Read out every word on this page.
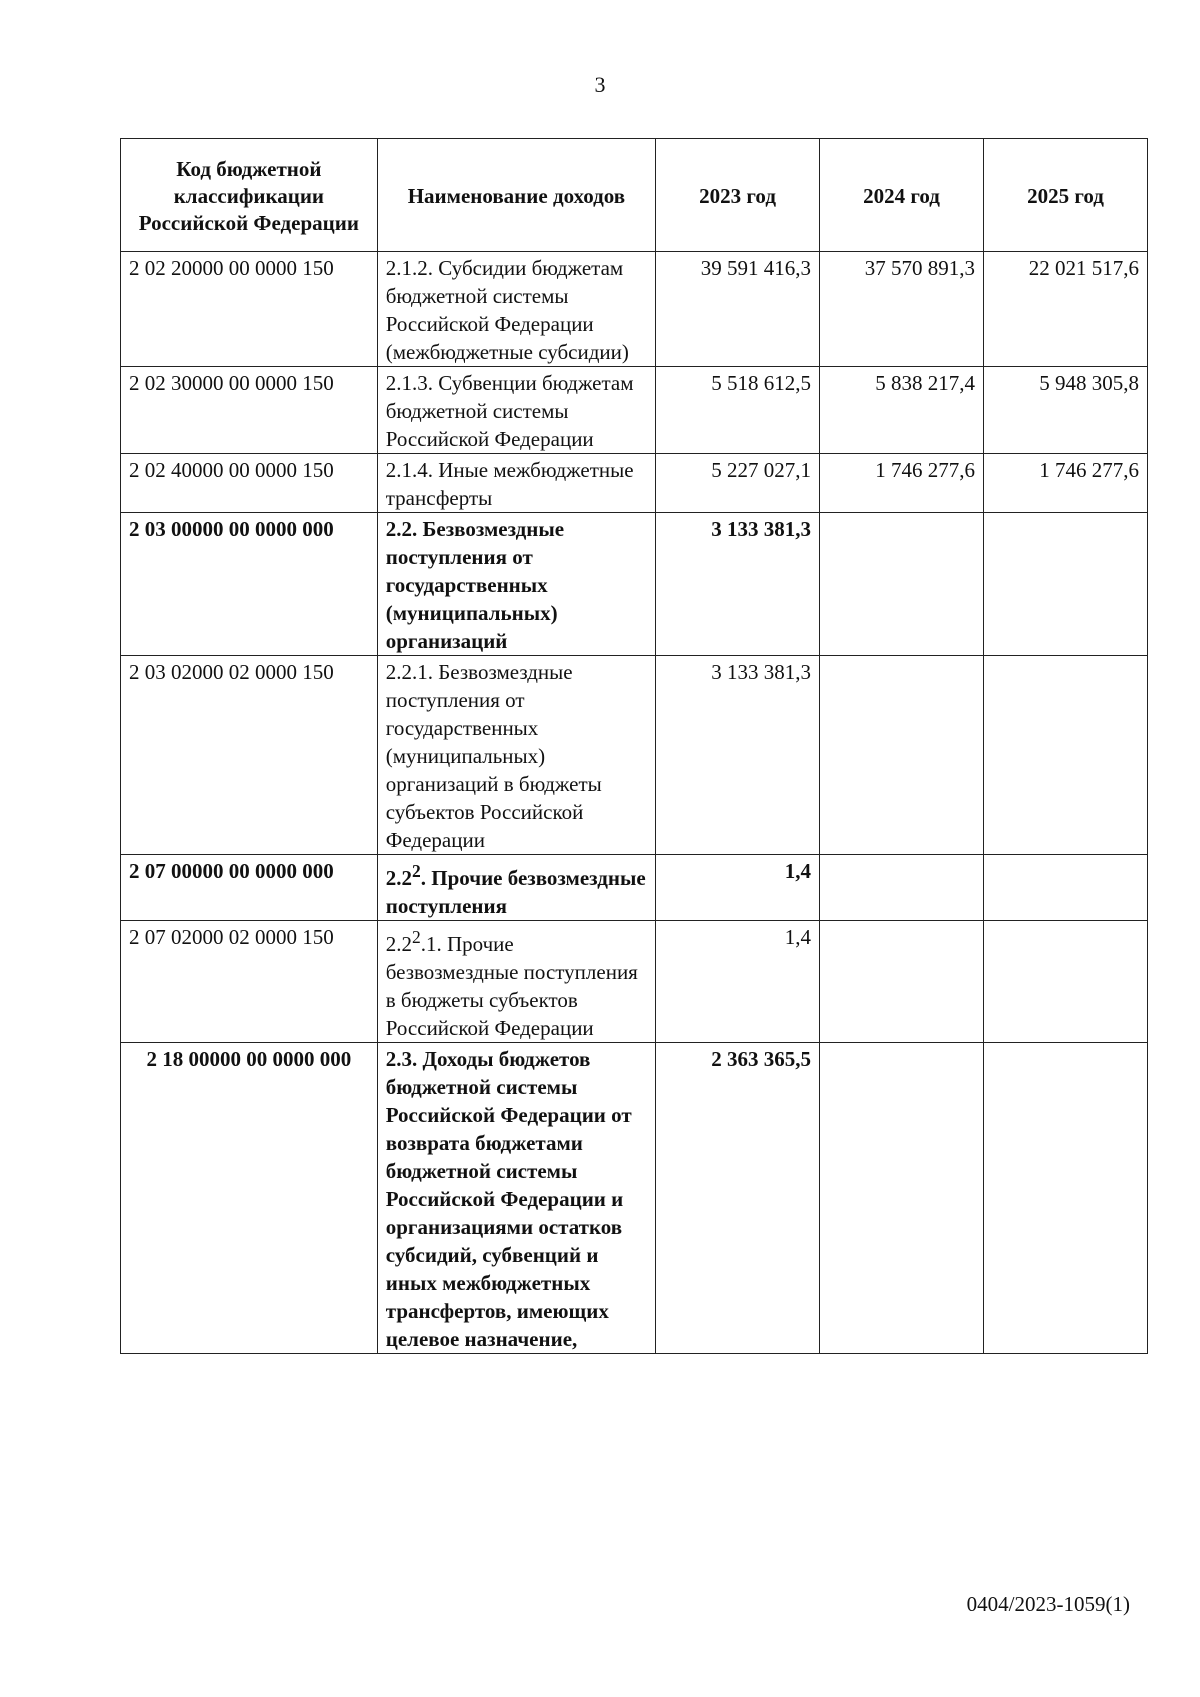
3
Код бюджетной классификации Российской Федерации	Наименование доходов	2023 год	2024 год	2025 год
2 02 20000 00 0000 150	2.1.2. Субсидии бюджетам бюджетной системы Российской Федерации (межбюджетные субсидии)	39 591 416,3	37 570 891,3	22 021 517,6
2 02 30000 00 0000 150	2.1.3. Субвенции бюджетам бюджетной системы Российской Федерации	5 518 612,5	5 838 217,4	5 948 305,8
2 02 40000 00 0000 150	2.1.4. Иные межбюджетные трансферты	5 227 027,1	1 746 277,6	1 746 277,6
2 03 00000 00 0000 000	2.2. Безвозмездные поступления от государственных (муниципальных) организаций	3 133 381,3		
2 03 02000 02 0000 150	2.2.1. Безвозмездные поступления от государственных (муниципальных) организаций в бюджеты субъектов Российской Федерации	3 133 381,3		
2 07 00000 00 0000 000	$2.2^2$. Прочие безвозмездные поступления	1,4		
2 07 02000 02 0000 150	$2.2^2.1$. Прочие безвозмездные поступления в бюджеты субъектов Российской Федерации	1,4		
2 18 00000 00 0000 000	2.3. Доходы бюджетов бюджетной системы Российской Федерации от возврата бюджетами бюджетной системы Российской Федерации и организациями остатков субсидий, субвенций и иных межбюджетных трансфертов, имеющих целевое назначение,	2 363 365,5		
0404/2023-1059(1)
